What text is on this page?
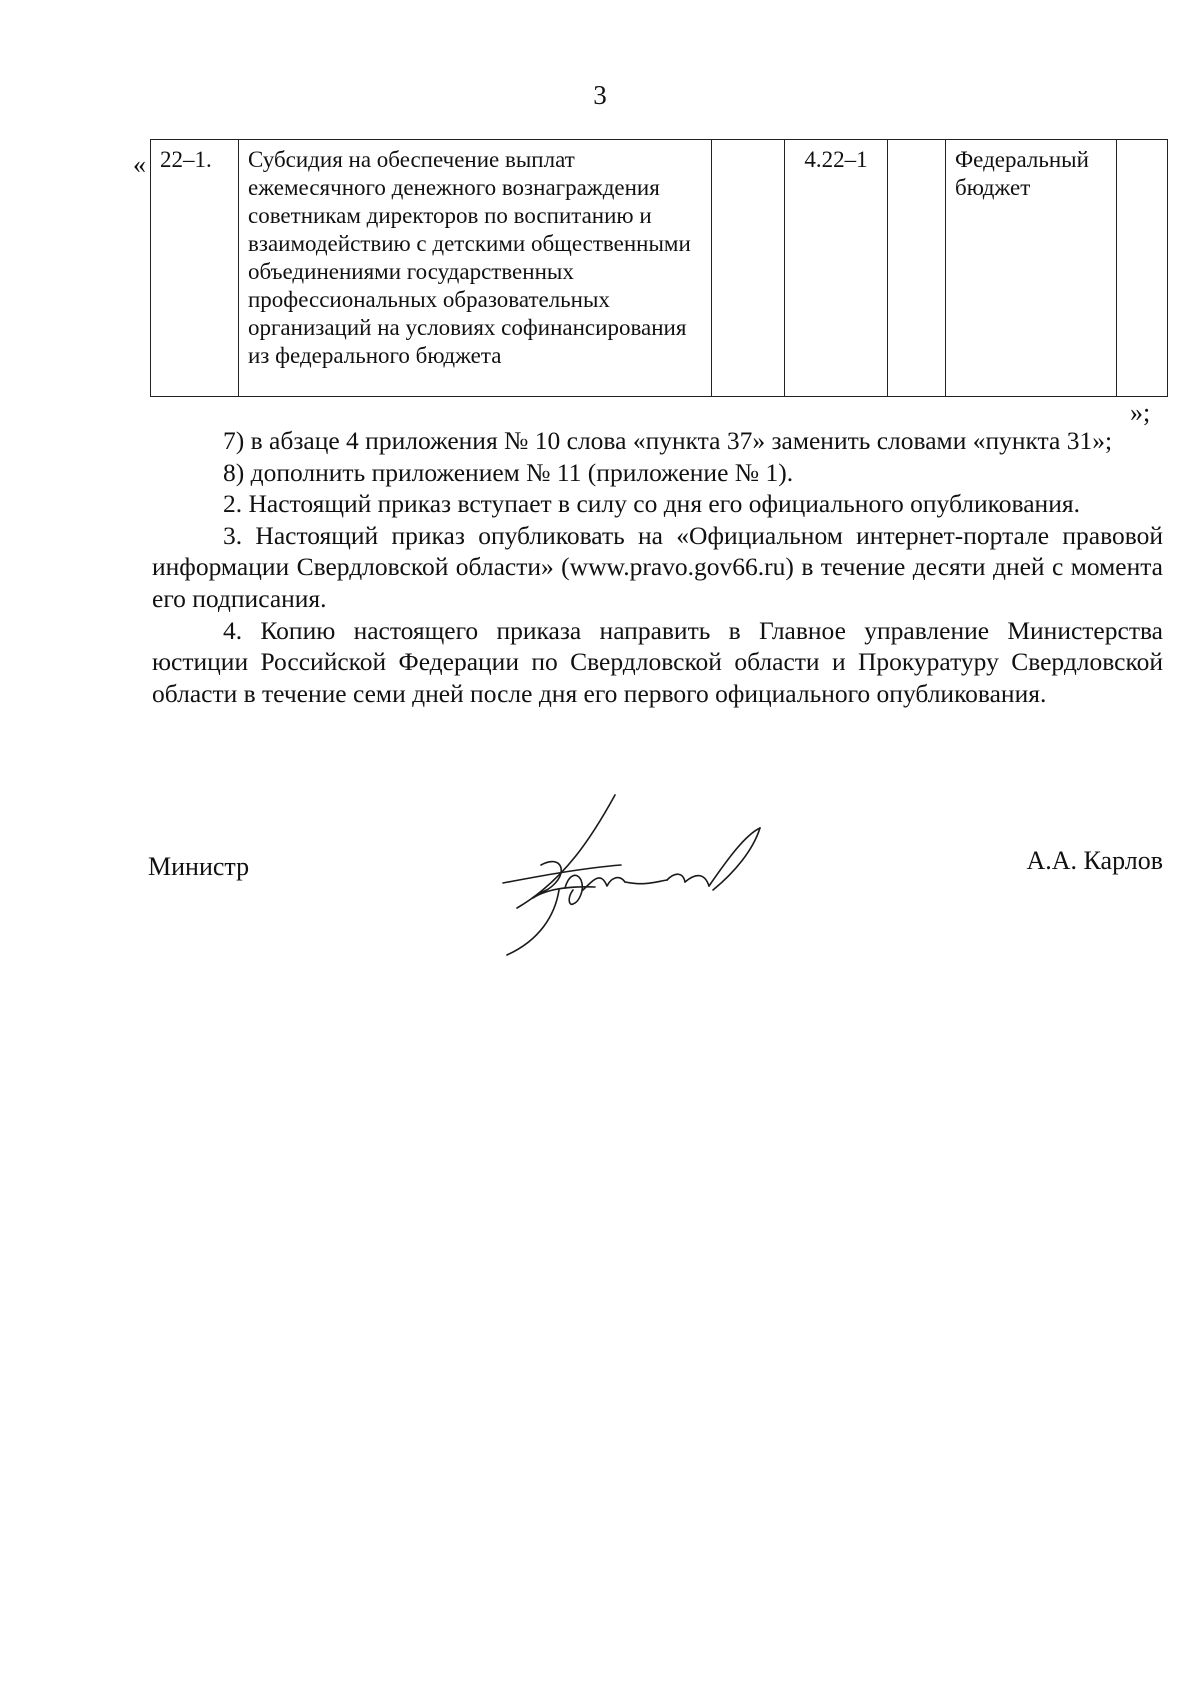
3
« 22–1.	Субсидия на обеспечение выплат ежемесячного денежного вознаграждения советникам директоров по воспитанию и взаимодействию с детскими общественными объединениями государственных профессиональных образовательных организаций на условиях софинансирования из федерального бюджета		4.22–1		Федеральный бюджет	
»;

7) в абзаце 4 приложения № 10 слова «пункта 37» заменить словами «пункта 31»;

8) дополнить приложением № 11 (приложение № 1).

2. Настоящий приказ вступает в силу со дня его официального опубликования.

3. Настоящий приказ опубликовать на «Официальном интернет-портале правовой информации Свердловской области» (www.pravo.gov66.ru) в течение десяти дней с момента его подписания.

4. Копию настоящего приказа направить в Главное управление Министерства юстиции Российской Федерации по Свердловской области и Прокуратуру Свердловской области в течение семи дней после дня его первого официального опубликования.

Министр	А.А. Карлов
